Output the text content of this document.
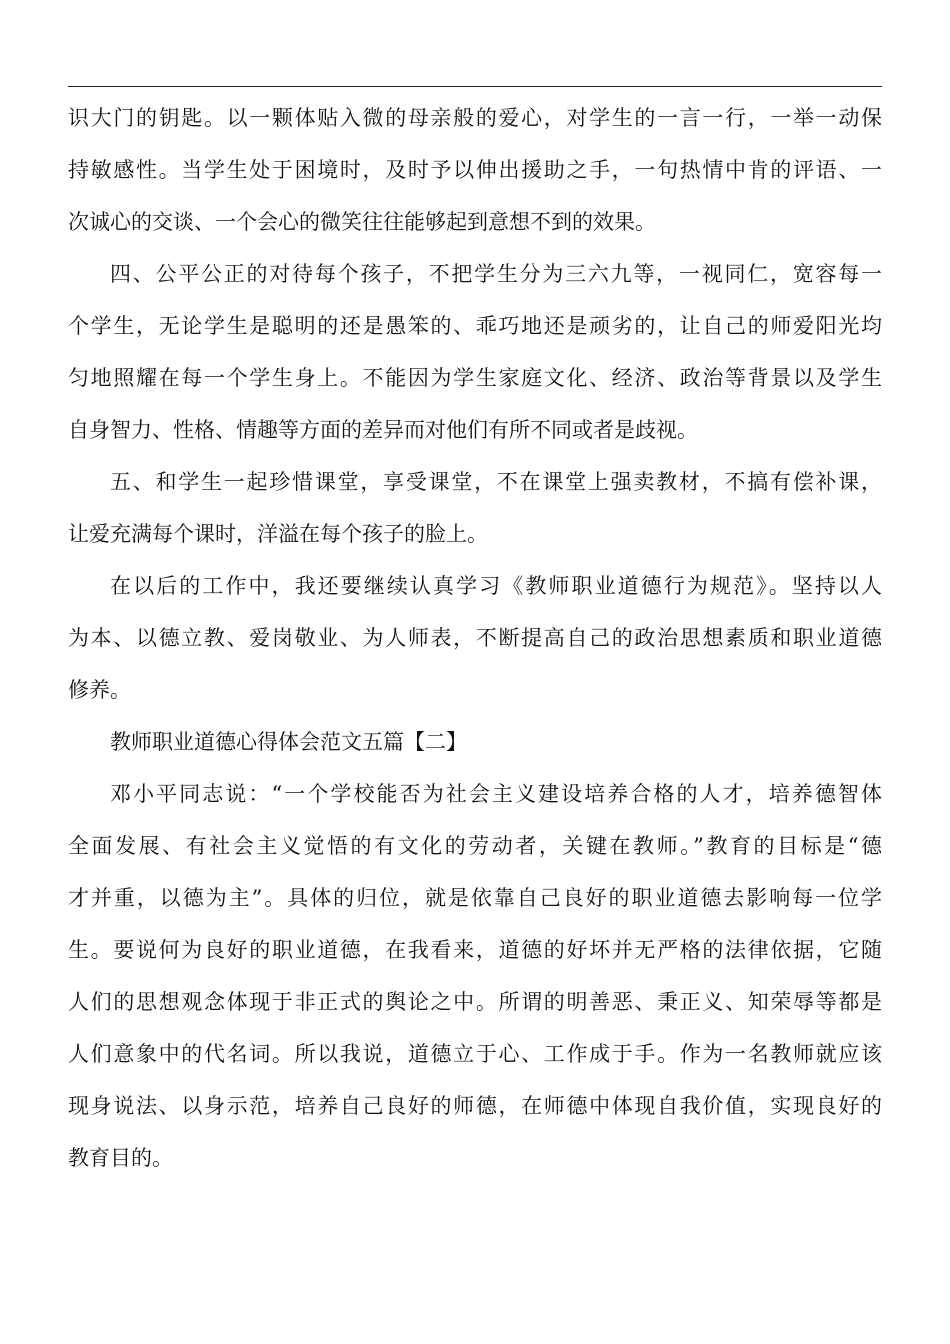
识大门的钥匙。以一颗体贴入微的母亲般的爱心，对学生的一言一行，一举一动保
持敏感性。当学生处于困境时，及时予以伸出援助之手，一句热情中肯的评语、一
次诚心的交谈、一个会心的微笑往往能够起到意想不到的效果。
四、公平公正的对待每个孩子，不把学生分为三六九等，一视同仁，宽容每一
个学生，无论学生是聪明的还是愚笨的、乖巧地还是顽劣的，让自己的师爱阳光均
匀地照耀在每一个学生身上。不能因为学生家庭文化、经济、政治等背景以及学生
自身智力、性格、情趣等方面的差异而对他们有所不同或者是歧视。
五、和学生一起珍惜课堂，享受课堂，不在课堂上强卖教材，不搞有偿补课，
让爱充满每个课时，洋溢在每个孩子的脸上。
在以后的工作中，我还要继续认真学习《教师职业道德行为规范》。坚持以人
为本、以德立教、爱岗敬业、为人师表，不断提高自己的政治思想素质和职业道德
修养。
教师职业道德心得体会范文五篇【二】
邓小平同志说：“一个学校能否为社会主义建设培养合格的人才，培养德智体
全面发展、有社会主义觉悟的有文化的劳动者，关键在教师。”教育的目标是“德
才并重，以德为主”。具体的归位，就是依靠自己良好的职业道德去影响每一位学
生。要说何为良好的职业道德，在我看来，道德的好坏并无严格的法律依据，它随
人们的思想观念体现于非正式的舆论之中。所谓的明善恶、秉正义、知荣辱等都是
人们意象中的代名词。所以我说，道德立于心、工作成于手。作为一名教师就应该
现身说法、以身示范，培养自己良好的师德，在师德中体现自我价值，实现良好的
教育目的。
